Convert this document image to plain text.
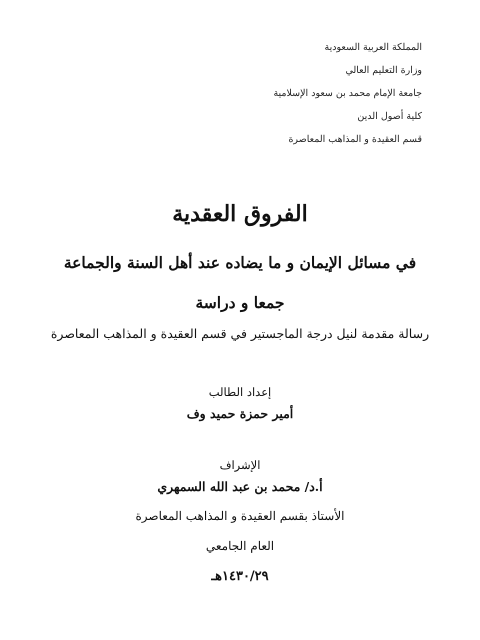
المملكة العربية السعودية
وزارة التعليم العالي
جامعة الإمام محمد بن سعود الإسلامية
كلية أصول الدين
قسم العقيدة و المذاهب المعاصرة
الفروق العقدية
في مسائل الإيمان و ما يضاده عند أهل السنة والجماعة
جمعا و دراسة
رسالة مقدمة لنيل درجة الماجستير في قسم العقيدة و المذاهب المعاصرة
إعداد الطالب
أمير حمزة حميد وف
الإشراف
أ.د/ محمد بن عبد الله السمهري
الأستاذ بقسم العقيدة و المذاهب المعاصرة
العام الجامعي
١٤٣٠/٢٩هـ
